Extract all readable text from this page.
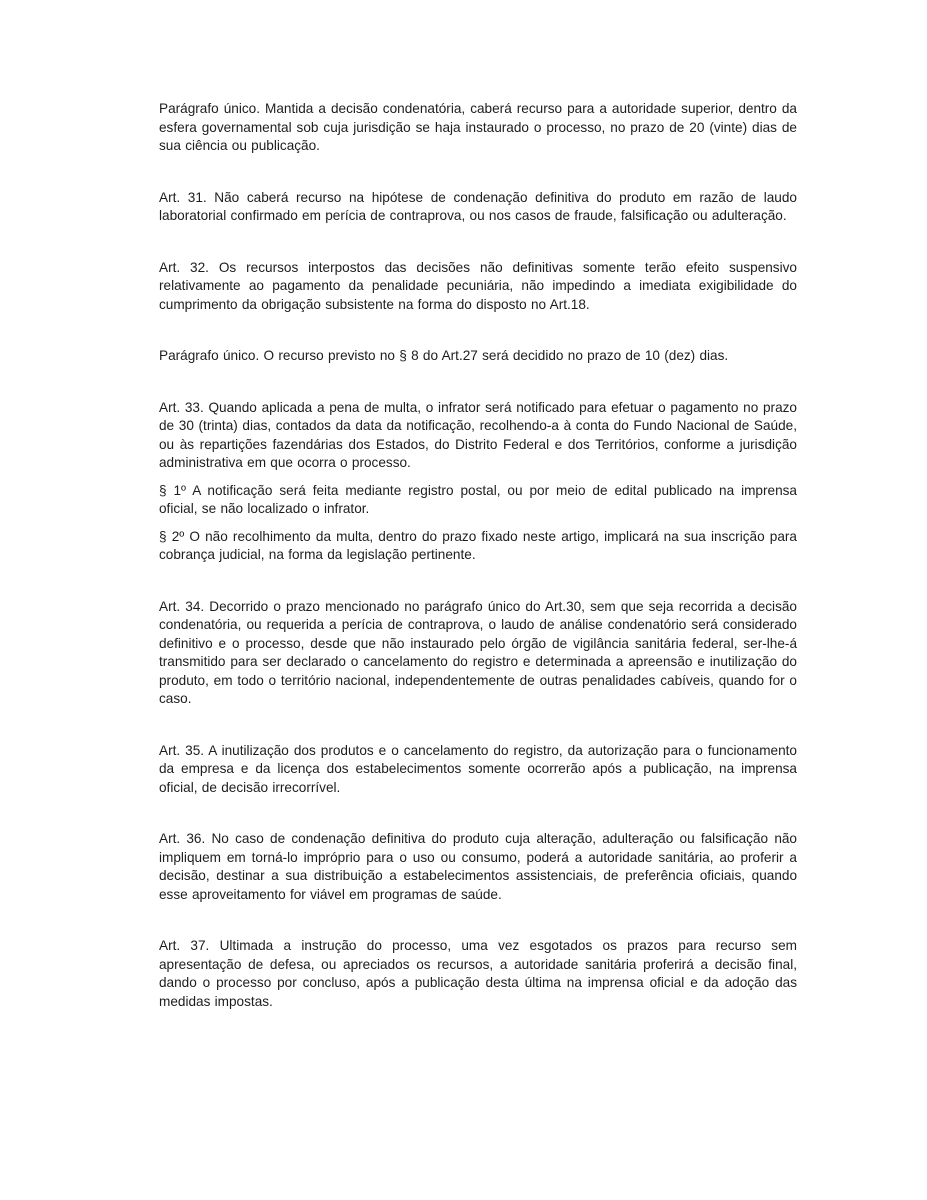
Parágrafo único. Mantida a decisão condenatória, caberá recurso para a autoridade superior, dentro da esfera governamental sob cuja jurisdição se haja instaurado o processo, no prazo de 20 (vinte) dias de sua ciência ou publicação.

Art. 31. Não caberá recurso na hipótese de condenação definitiva do produto em razão de laudo laboratorial confirmado em perícia de contraprova, ou nos casos de fraude, falsificação ou adulteração.

Art. 32. Os recursos interpostos das decisões não definitivas somente terão efeito suspensivo relativamente ao pagamento da penalidade pecuniária, não impedindo a imediata exigibilidade do cumprimento da obrigação subsistente na forma do disposto no Art.18.

Parágrafo único. O recurso previsto no § 8 do Art.27 será decidido no prazo de 10 (dez) dias.

Art. 33. Quando aplicada a pena de multa, o infrator será notificado para efetuar o pagamento no prazo de 30 (trinta) dias, contados da data da notificação, recolhendo-a à conta do Fundo Nacional de Saúde, ou às repartições fazendárias dos Estados, do Distrito Federal e dos Territórios, conforme a jurisdição administrativa em que ocorra o processo.

§ 1º A notificação será feita mediante registro postal, ou por meio de edital publicado na imprensa oficial, se não localizado o infrator.

§ 2º O não recolhimento da multa, dentro do prazo fixado neste artigo, implicará na sua inscrição para cobrança judicial, na forma da legislação pertinente.

Art. 34. Decorrido o prazo mencionado no parágrafo único do Art.30, sem que seja recorrida a decisão condenatória, ou requerida a perícia de contraprova, o laudo de análise condenatório será considerado definitivo e o processo, desde que não instaurado pelo órgão de vigilância sanitária federal, ser-lhe-á transmitido para ser declarado o cancelamento do registro e determinada a apreensão e inutilização do produto, em todo o território nacional, independentemente de outras penalidades cabíveis, quando for o caso.

Art. 35. A inutilização dos produtos e o cancelamento do registro, da autorização para o funcionamento da empresa e da licença dos estabelecimentos somente ocorrerão após a publicação, na imprensa oficial, de decisão irrecorrível.

Art. 36. No caso de condenação definitiva do produto cuja alteração, adulteração ou falsificação não impliquem em torná-lo impróprio para o uso ou consumo, poderá a autoridade sanitária, ao proferir a decisão, destinar a sua distribuição a estabelecimentos assistenciais, de preferência oficiais, quando esse aproveitamento for viável em programas de saúde.

Art. 37. Ultimada a instrução do processo, uma vez esgotados os prazos para recurso sem apresentação de defesa, ou apreciados os recursos, a autoridade sanitária proferirá a decisão final, dando o processo por concluso, após a publicação desta última na imprensa oficial e da adoção das medidas impostas.
